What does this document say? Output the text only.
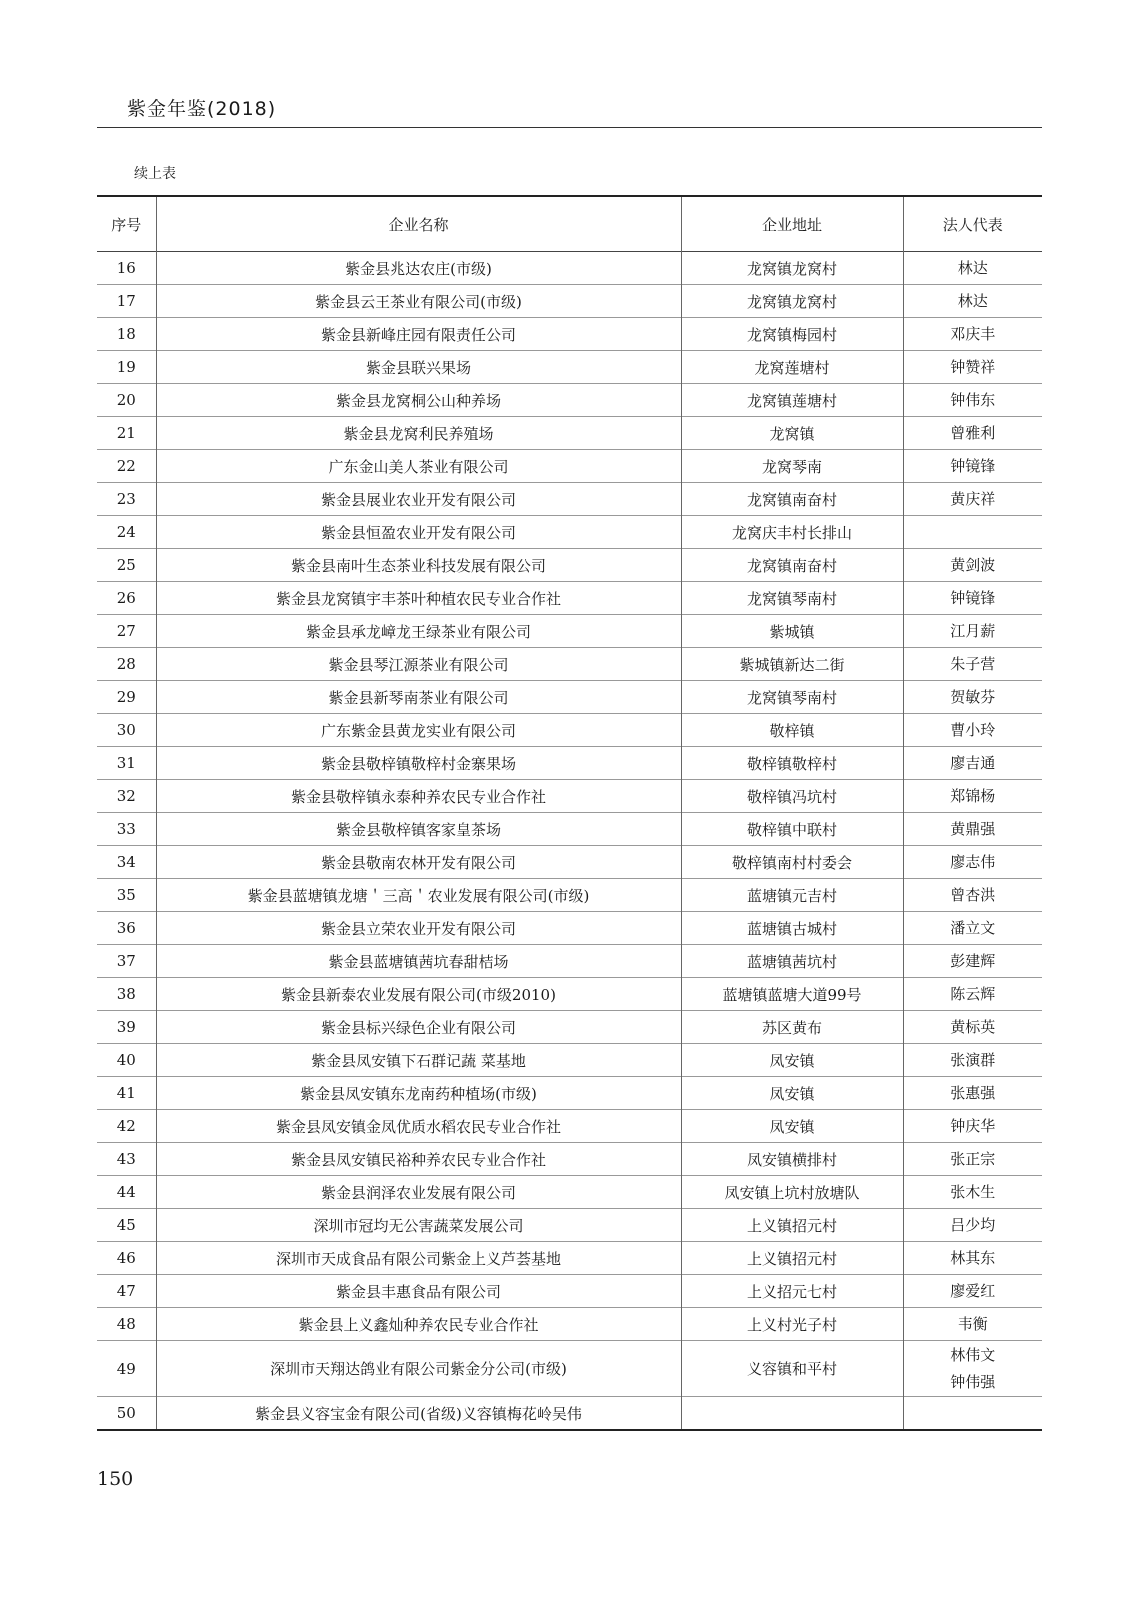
紫金年鉴(2018)
续上表
序号	企业名称	企业地址	法人代表
16	紫金县兆达农庄(市级)	龙窝镇龙窝村	林达

17	紫金县云王茶业有限公司(市级)	龙窝镇龙窝村	林达

18	紫金县新峰庄园有限责任公司	龙窝镇梅园村	邓庆丰

19	紫金县联兴果场	龙窝莲塘村	钟赞祥

20	紫金县龙窝桐公山种养场	龙窝镇莲塘村	钟伟东

21	紫金县龙窝利民养殖场	龙窝镇	曾雅利

22	广东金山美人茶业有限公司	龙窝琴南	钟镜锋

23	紫金县展业农业开发有限公司	龙窝镇南奋村	黄庆祥

24	紫金县恒盈农业开发有限公司	龙窝庆丰村长排山	
25	紫金县南叶生态茶业科技发展有限公司	龙窝镇南奋村	黄剑波

26	紫金县龙窝镇宇丰茶叶种植农民专业合作社	龙窝镇琴南村	钟镜锋

27	紫金县承龙嶂龙王绿茶业有限公司	紫城镇	江月薪

28	紫金县琴江源茶业有限公司	紫城镇新达二街	朱子营

29	紫金县新琴南茶业有限公司	龙窝镇琴南村	贺敏芬

30	广东紫金县黄龙实业有限公司	敬梓镇	曹小玲

31	紫金县敬梓镇敬梓村金寨果场	敬梓镇敬梓村	廖吉通

32	紫金县敬梓镇永泰种养农民专业合作社	敬梓镇冯坑村	郑锦杨

33	紫金县敬梓镇客家皇茶场	敬梓镇中联村	黄鼎强

34	紫金县敬南农林开发有限公司	敬梓镇南村村委会	廖志伟

35	紫金县蓝塘镇龙塘＇三高＇农业发展有限公司(市级)	蓝塘镇元吉村	曾杏洪

36	紫金县立荣农业开发有限公司	蓝塘镇古城村	潘立文

37	紫金县蓝塘镇茜坑春甜桔场	蓝塘镇茜坑村	彭建辉

38	紫金县新泰农业发展有限公司(市级2010)	蓝塘镇蓝塘大道99号	陈云辉

39	紫金县标兴绿色企业有限公司	苏区黄布	黄标英

40	紫金县凤安镇下石群记蔬 菜基地	凤安镇	张演群

41	紫金县凤安镇东龙南药种植场(市级)	凤安镇	张惠强

42	紫金县凤安镇金凤优质水稻农民专业合作社	凤安镇	钟庆华

43	紫金县凤安镇民裕种养农民专业合作社	凤安镇横排村	张正宗

44	紫金县润泽农业发展有限公司	凤安镇上坑村放塘队	张木生

45	深圳市冠均无公害蔬菜发展公司	上义镇招元村	吕少均

46	深圳市天成食品有限公司紫金上义芦荟基地	上义镇招元村	林其东

47	紫金县丰惠食品有限公司	上义招元七村	廖爱红

48	紫金县上义鑫灿种养农民专业合作社	上义村光子村	韦衡

49	深圳市天翔达鸽业有限公司紫金分公司(市级)	义容镇和平村	林伟文
钟伟强

50	紫金县义容宝金有限公司(省级)义容镇梅花岭吴伟		
150
